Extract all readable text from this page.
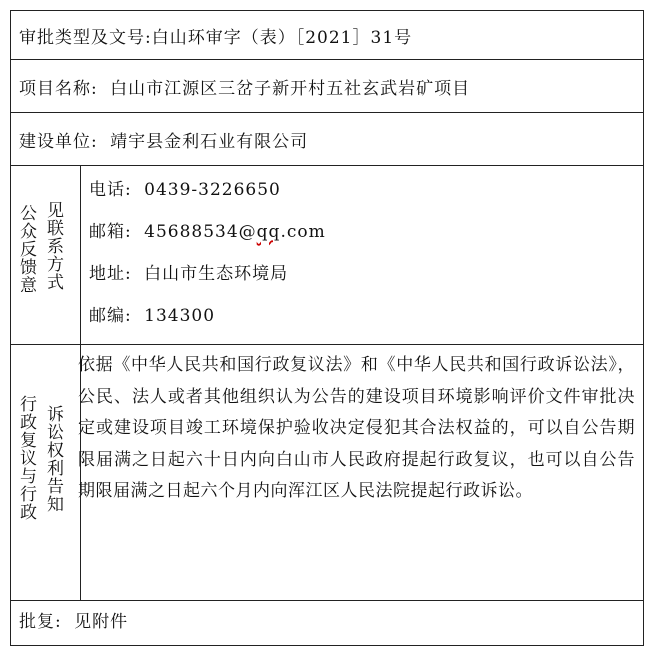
审批类型及文号:白山环审字（表）［2021］31号
项目名称: 白山市江源区三岔子新开村五社玄武岩矿项目
建设单位: 靖宇县金利石业有限公司
公众反馈意 见联系方式
电话: 0439-3226650
邮箱: 45688534@qq.com
地址: 白山市生态环境局
邮编: 134300
行政复议与行政 诉讼权利告知
依据《中华人民共和国行政复议法》和《中华人民共和国行政诉讼法》，公民、法人或者其他组织认为公告的建设项目环境影响评价文件审批决定或建设项目竣工环境保护验收决定侵犯其合法权益的，可以自公告期限届满之日起六十日内向白山市人民政府提起行政复议，也可以自公告期限届满之日起六个月内向浑江区人民法院提起行政诉讼。
批复: 见附件
